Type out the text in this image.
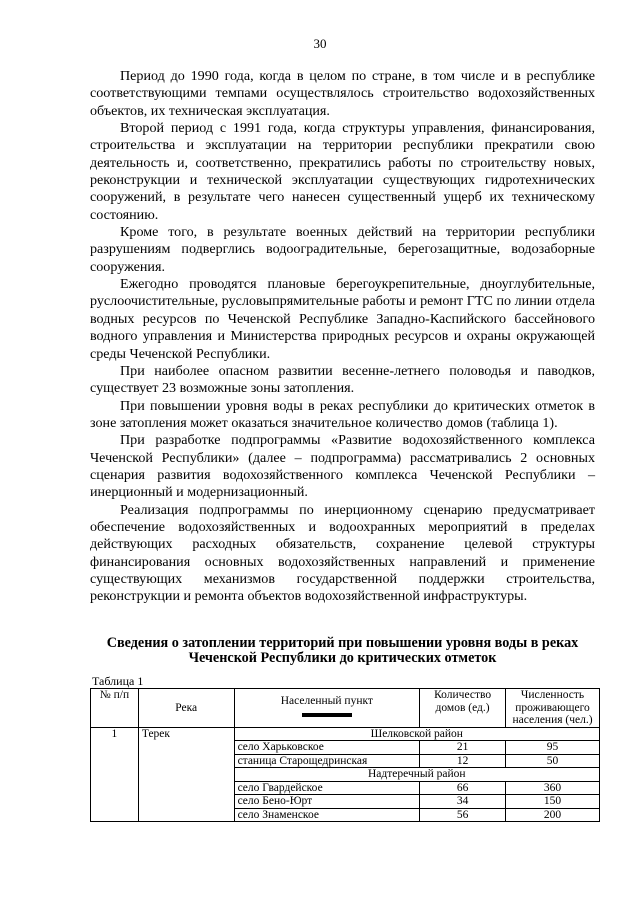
30

Период до 1990 года, когда в целом по стране, в том числе и в республике соответствующими темпами осуществлялось строительство водохозяйственных объектов, их техническая эксплуатация.

Второй период с 1991 года, когда структуры управления, финансирования, строительства и эксплуатации на территории республики прекратили свою деятельность и, соответственно, прекратились работы по строительству новых, реконструкции и технической эксплуатации существующих гидротехнических сооружений, в результате чего нанесен существенный ущерб их техническому состоянию.

Кроме того, в результате военных действий на территории республики разрушениям подверглись водооградительные, берегозащитные, водозаборные сооружения.

Ежегодно проводятся плановые берегоукрепительные, дноуглубительные, руслоочистительные, русловыпрямительные работы и ремонт ГТС по линии отдела водных ресурсов по Чеченской Республике Западно-Каспийского бассейнового водного управления и Министерства природных ресурсов и охраны окружающей среды Чеченской Республики.

При наиболее опасном развитии весенне-летнего половодья и паводков, существует 23 возможные зоны затопления.

При повышении уровня воды в реках республики до критических отметок в зоне затопления может оказаться значительное количество домов (таблица 1).

При разработке подпрограммы «Развитие водохозяйственного комплекса Чеченской Республики» (далее – подпрограмма) рассматривались 2 основных сценария развития водохозяйственного комплекса Чеченской Республики – инерционный и модернизационный.

Реализация подпрограммы по инерционному сценарию предусматривает обеспечение водохозяйственных и водоохранных мероприятий в пределах действующих расходных обязательств, сохранение целевой структуры финансирования основных водохозяйственных направлений и применение существующих механизмов государственной поддержки строительства, реконструкции и ремонта объектов водохозяйственной инфраструктуры.

Сведения о затоплении территорий при повышении уровня воды в реках
Чеченской Республики до критических отметок
Таблица 1
№ п/п	Река	Населенный пункт	Количество домов (ед.)	Численность проживающего населения (чел.)
1	Терек	Шелковской район		
		село Харьковское	21	95
		станица Старощедринская	12	50
		Надтеречный район		
		село Гвардейское	66	360
		село Бено-Юрт	34	150
		село Знаменское	56	200
